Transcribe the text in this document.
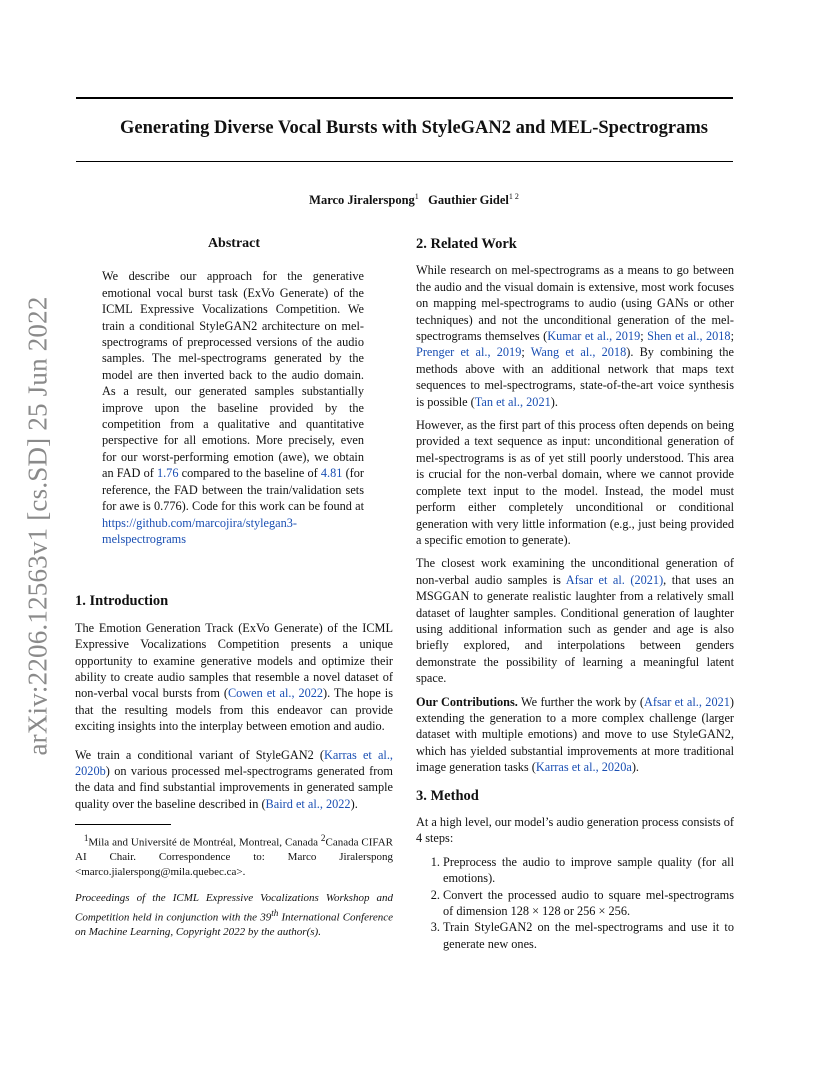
arXiv:2206.12563v1 [cs.SD] 25 Jun 2022
Generating Diverse Vocal Bursts with StyleGAN2 and MEL-Spectrograms
Marco Jiralerspong$^1$ Gauthier Gidel$^{1 2}$
Abstract

We describe our approach for the generative emotional vocal burst task (ExVo Generate) of the ICML Expressive Vocalizations Competition. We train a conditional StyleGAN2 architecture on mel-spectrograms of preprocessed versions of the audio samples. The mel-spectrograms generated by the model are then inverted back to the audio domain. As a result, our generated samples substantially improve upon the baseline provided by the competition from a qualitative and quantitative perspective for all emotions. More precisely, even for our worst-performing emotion (awe), we obtain an FAD of 1.76 compared to the baseline of 4.81 (for reference, the FAD between the train/validation sets for awe is 0.776). Code for this work can be found at https://github.com/marcojira/stylegan3-melspectrograms

1. Introduction

The Emotion Generation Track (ExVo Generate) of the ICML Expressive Vocalizations Competition presents a unique opportunity to examine generative models and optimize their ability to create audio samples that resemble a novel dataset of non-verbal vocal bursts from (Cowen et al., 2022). The hope is that the resulting models from this endeavor can provide exciting insights into the interplay between emotion and audio.

We train a conditional variant of StyleGAN2 (Karras et al., 2020b) on various processed mel-spectrograms generated from the data and find substantial improvements in generated sample quality over the baseline described in (Baird et al., 2022).

$^1$Mila and Université de Montréal, Montreal, Canada $^2$Canada CIFAR AI Chair. Correspondence to: Marco Jiralerspong <marco.jialerspong@mila.quebec.ca>.

Proceedings of the ICML Expressive Vocalizations Workshop and Competition held in conjunction with the 39th International Conference on Machine Learning, Copyright 2022 by the author(s).

2. Related Work

While research on mel-spectrograms as a means to go between the audio and the visual domain is extensive, most work focuses on mapping mel-spectrograms to audio (using GANs or other techniques) and not the unconditional generation of the mel-spectrograms themselves (Kumar et al., 2019; Shen et al., 2018; Prenger et al., 2019; Wang et al., 2018). By combining the methods above with an additional network that maps text sequences to mel-spectrograms, state-of-the-art voice synthesis is possible (Tan et al., 2021).

However, as the first part of this process often depends on being provided a text sequence as input: unconditional generation of mel-spectrograms is as of yet still poorly understood. This area is crucial for the non-verbal domain, where we cannot provide complete text input to the model. Instead, the model must perform either completely unconditional or conditional generation with very little information (e.g., just being provided a specific emotion to generate).

The closest work examining the unconditional generation of non-verbal audio samples is Afsar et al. (2021), that uses an MSGGAN to generate realistic laughter from a relatively small dataset of laughter samples. Conditional generation of laughter using additional information such as gender and age is also briefly explored, and interpolations between genders demonstrate the possibility of learning a meaningful latent space.

Our Contributions. We further the work by (Afsar et al., 2021) extending the generation to a more complex challenge (larger dataset with multiple emotions) and move to use StyleGAN2, which has yielded substantial improvements at more traditional image generation tasks (Karras et al., 2020a).

3. Method

At a high level, our model’s audio generation process consists of 4 steps:

1. Preprocess the audio to improve sample quality (for all emotions).
2. Convert the processed audio to square mel-spectrograms of dimension 128 × 128 or 256 × 256.
3. Train StyleGAN2 on the mel-spectrograms and use it to generate new ones.
